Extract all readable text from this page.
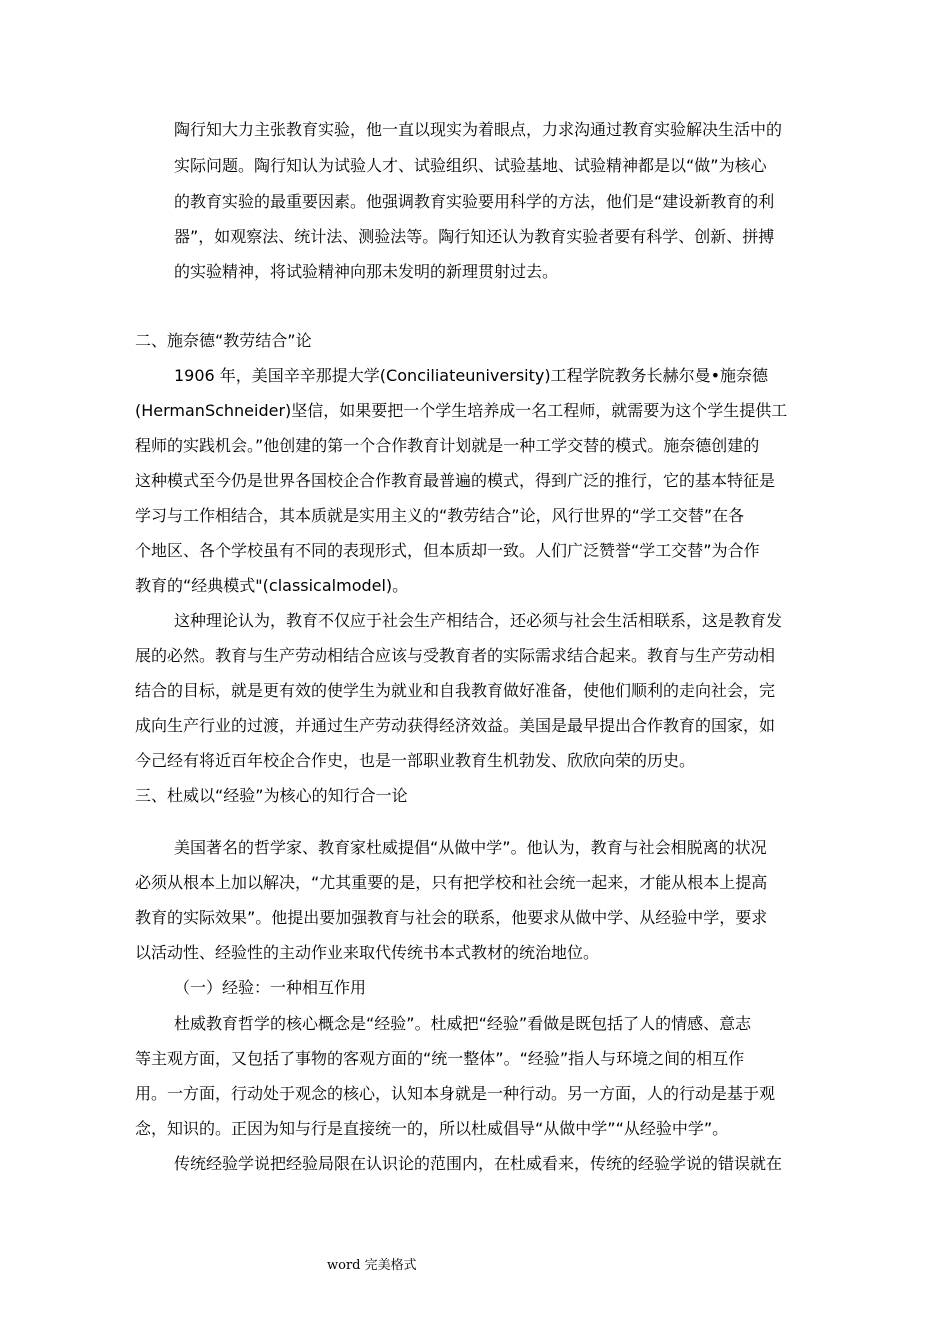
陶行知大力主张教育实验，他一直以现实为着眼点，力求沟通过教育实验解决生活中的
实际问题。陶行知认为试验人才、试验组织、试验基地、试验精神都是以“做”为核心
的教育实验的最重要因素。他强调教育实验要用科学的方法，他们是“建设新教育的利
器”，如观察法、统计法、测验法等。陶行知还认为教育实验者要有科学、创新、拼搏
的实验精神，将试验精神向那未发明的新理贯射过去。
二、施奈德“教劳结合”论
1906 年，美国辛辛那提大学(Conciliateuniversity)工程学院教务长赫尔曼•施奈德
(HermanSchneider)坚信，如果要把一个学生培养成一名工程师，就需要为这个学生提供工
程师的实践机会。”他创建的第一个合作教育计划就是一种工学交替的模式。施奈德创建的
这种模式至今仍是世界各国校企合作教育最普遍的模式，得到广泛的推行，它的基本特征是
学习与工作相结合，其本质就是实用主义的“教劳结合”论，风行世界的“学工交替”在各
个地区、各个学校虽有不同的表现形式，但本质却一致。人们广泛赞誉“学工交替”为合作
教育的“经典模式"(classicalmodel)。
这种理论认为，教育不仅应于社会生产相结合，还必须与社会生活相联系，这是教育发
展的必然。教育与生产劳动相结合应该与受教育者的实际需求结合起来。教育与生产劳动相
结合的目标，就是更有效的使学生为就业和自我教育做好准备，使他们顺利的走向社会，完
成向生产行业的过渡，并通过生产劳动获得经济效益。美国是最早提出合作教育的国家，如
今己经有将近百年校企合作史，也是一部职业教育生机勃发、欣欣向荣的历史。
三、杜威以“经验”为核心的知行合一论
美国著名的哲学家、教育家杜威提倡“从做中学”。他认为，教育与社会相脱离的状况
必须从根本上加以解决，“尤其重要的是，只有把学校和社会统一起来，才能从根本上提高
教育的实际效果”。他提出要加强教育与社会的联系，他要求从做中学、从经验中学，要求
以活动性、经验性的主动作业来取代传统书本式教材的统治地位。
（一）经验：一种相互作用
杜威教育哲学的核心概念是“经验”。杜威把“经验”看做是既包括了人的情感、意志
等主观方面，又包括了事物的客观方面的“统一整体”。“经验”指人与环境之间的相互作
用。一方面，行动处于观念的核心，认知本身就是一种行动。另一方面，人的行动是基于观
念，知识的。正因为知与行是直接统一的，所以杜威倡导“从做中学”“从经验中学”。
传统经验学说把经验局限在认识论的范围内，在杜威看来，传统的经验学说的错误就在
word 完美格式
